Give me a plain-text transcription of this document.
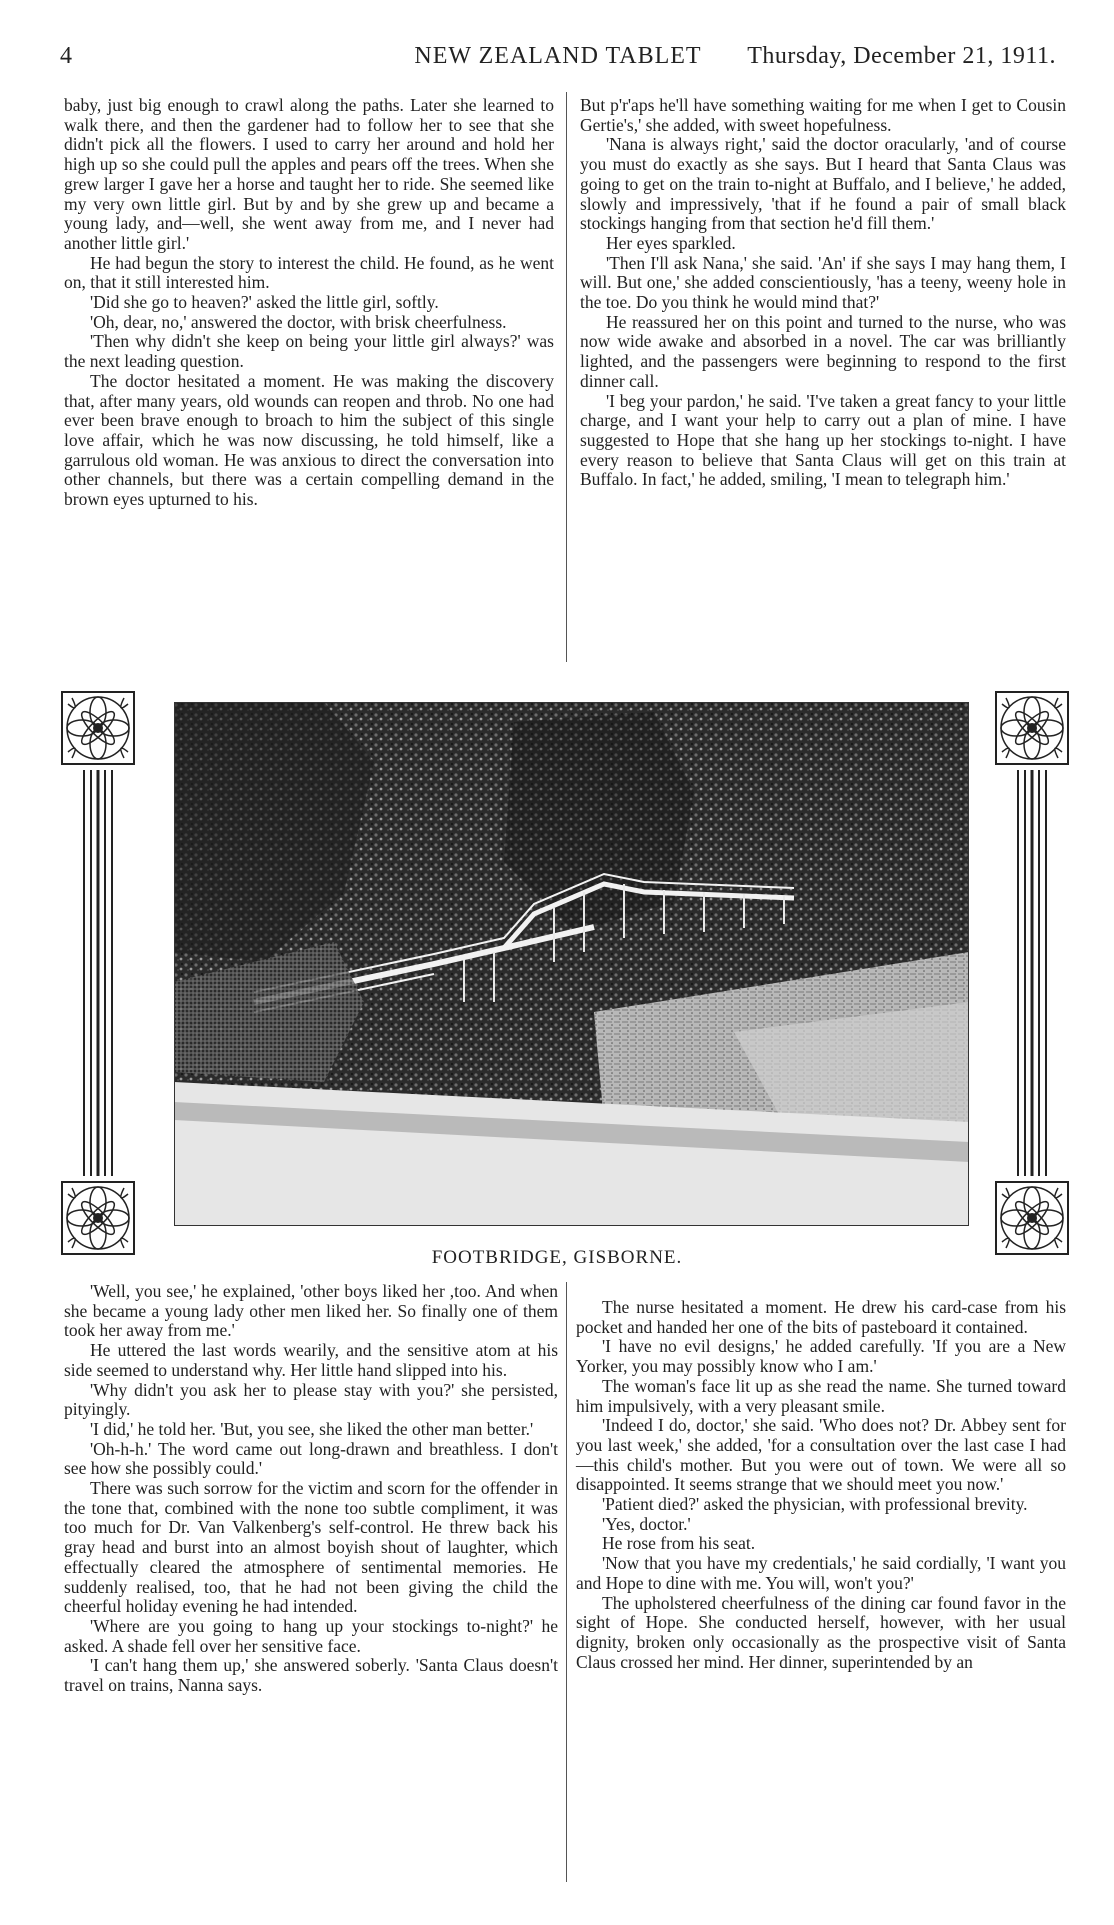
4	NEW ZEALAND TABLET	Thursday, December 21, 1911.

baby, just big enough to crawl along the paths. Later she learned to walk there, and then the gardener had to follow her to see that she didn't pick all the flowers. I used to carry her around and hold her high up so she could pull the apples and pears off the trees. When she grew larger I gave her a horse and taught her to ride. She seemed like my very own little girl. But by and by she grew up and became a young lady, and—well, she went away from me, and I never had another little girl.'

He had begun the story to interest the child. He found, as he went on, that it still interested him.

'Did she go to heaven?' asked the little girl, softly.

'Oh, dear, no,' answered the doctor, with brisk cheerfulness.

'Then why didn't she keep on being your little girl always?' was the next leading question.

The doctor hesitated a moment. He was making the discovery that, after many years, old wounds can reopen and throb. No one had ever been brave enough to broach to him the subject of this single love affair, which he was now discussing, he told himself, like a garrulous old woman. He was anxious to direct the conversation into other channels, but there was a certain compelling demand in the brown eyes upturned to his.

But p'r'aps he'll have something waiting for me when I get to Cousin Gertie's,' she added, with sweet hopefulness.

'Nana is always right,' said the doctor oracularly, 'and of course you must do exactly as she says. But I heard that Santa Claus was going to get on the train to-night at Buffalo, and I believe,' he added, slowly and impressively, 'that if he found a pair of small black stockings hanging from that section he'd fill them.'

Her eyes sparkled.

'Then I'll ask Nana,' she said. 'An' if she says I may hang them, I will. But one,' she added conscientiously, 'has a teeny, weeny hole in the toe. Do you think he would mind that?'

He reassured her on this point and turned to the nurse, who was now wide awake and absorbed in a novel. The car was brilliantly lighted, and the passengers were beginning to respond to the first dinner call.

'I beg your pardon,' he said. 'I've taken a great fancy to your little charge, and I want your help to carry out a plan of mine. I have suggested to Hope that she hang up her stockings to-night. I have every reason to believe that Santa Claus will get on this train at Buffalo. In fact,' he added, smiling, 'I mean to telegraph him.'

FOOTBRIDGE, GISBORNE.

'Well, you see,' he explained, 'other boys liked her ,too. And when she became a young lady other men liked her. So finally one of them took her away from me.'

He uttered the last words wearily, and the sensitive atom at his side seemed to understand why. Her little hand slipped into his.

'Why didn't you ask her to please stay with you?' she persisted, pityingly.

'I did,' he told her. 'But, you see, she liked the other man better.'

'Oh-h-h.' The word came out long-drawn and breathless. I don't see how she possibly could.'

There was such sorrow for the victim and scorn for the offender in the tone that, combined with the none too subtle compliment, it was too much for Dr. Van Valkenberg's self-control. He threw back his gray head and burst into an almost boyish shout of laughter, which effectually cleared the atmosphere of sentimental memories. He suddenly realised, too, that he had not been giving the child the cheerful holiday evening he had intended.

'Where are you going to hang up your stockings to-night?' he asked. A shade fell over her sensitive face.

'I can't hang them up,' she answered soberly. 'Santa Claus doesn't travel on trains, Nanna says.

The nurse hesitated a moment. He drew his card-case from his pocket and handed her one of the bits of pasteboard it contained.

'I have no evil designs,' he added carefully. 'If you are a New Yorker, you may possibly know who I am.'

The woman's face lit up as she read the name. She turned toward him impulsively, with a very pleasant smile.

'Indeed I do, doctor,' she said. 'Who does not? Dr. Abbey sent for you last week,' she added, 'for a consultation over the last case I had—this child's mother. But you were out of town. We were all so disappointed. It seems strange that we should meet you now.'

'Patient died?' asked the physician, with professional brevity.

'Yes, doctor.'

He rose from his seat.

'Now that you have my credentials,' he said cordially, 'I want you and Hope to dine with me. You will, won't you?'

The upholstered cheerfulness of the dining car found favor in the sight of Hope. She conducted herself, however, with her usual dignity, broken only occasionally as the prospective visit of Santa Claus crossed her mind. Her dinner, superintended by an
